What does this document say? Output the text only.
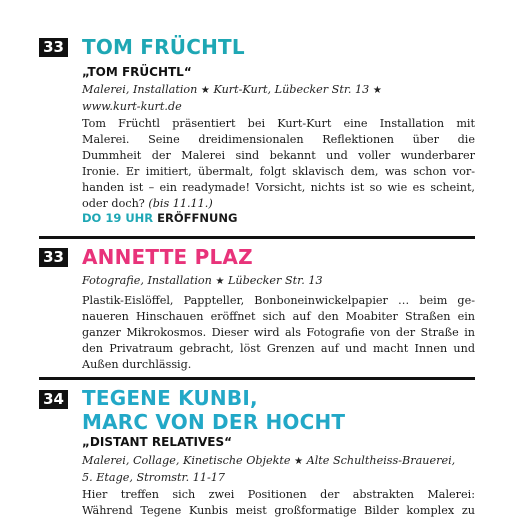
33 TOM FRÜCHTL
„TOM FRÜCHTL“
Malerei, Installation ★ Kurt-Kurt, Lübecker Str. 13 ★
www.kurt-kurt.de
Tom Früchtl präsentiert bei Kurt-Kurt eine Installation mit
Malerei. Seine dreidimensionalen Reflektionen über die
Dummheit der Malerei sind bekannt und voller wunderbarer
Ironie. Er imitiert, übermalt, folgt sklavisch dem, was schon vor-
handen ist – ein readymade! Vorsicht, nichts ist so wie es scheint,
oder doch? (bis 11.11.)
DO 19 UHR ERÖFFNUNG
33 ANNETTE PLAZ
Fotografie, Installation ★ Lübecker Str. 13
Plastik-Eislöffel, Pappteller, Bonboneinwickelpapier … beim ge-
naueren Hinschauen eröffnet sich auf den Moabiter Straßen ein
ganzer Mikrokosmos. Dieser wird als Fotografie von der Straße in
den Privatraum gebracht, löst Grenzen auf und macht Innen und
Außen durchlässig.
34 TEGENE KUNBI,
MARC VON DER HOCHT
„DISTANT RELATIVES“
Malerei, Collage, Kinetische Objekte ★ Alte Schultheiss-Brauerei,
5. Etage, Stromstr. 11-17
Hier treffen sich zwei Positionen der abstrakten Malerei:
Während Tegene Kunbis meist großformatige Bilder komplex zu
